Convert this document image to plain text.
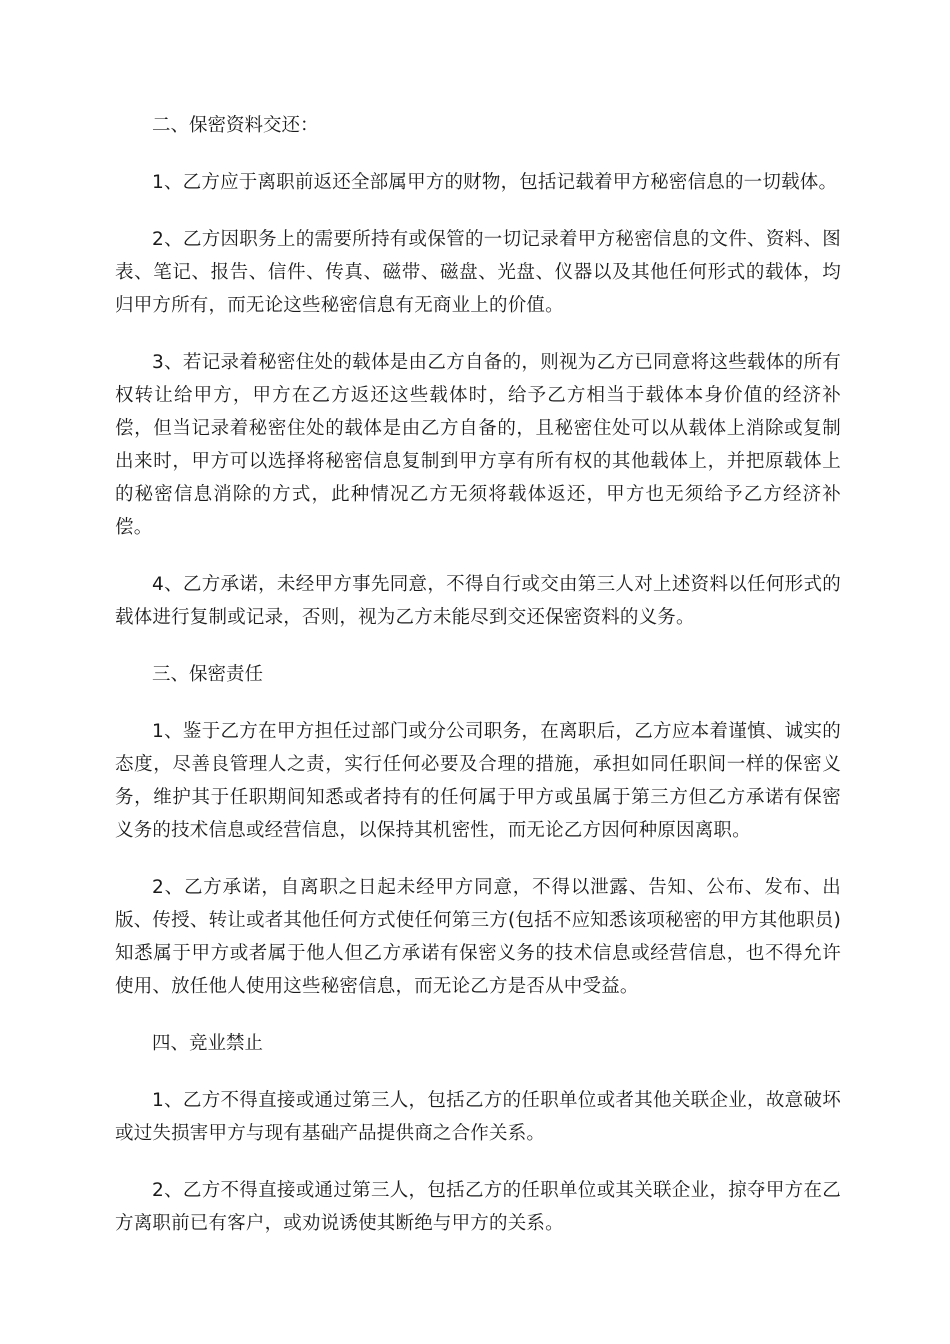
二、保密资料交还：

1、乙方应于离职前返还全部属甲方的财物，包括记载着甲方秘密信息的一切载体。

2、乙方因职务上的需要所持有或保管的一切记录着甲方秘密信息的文件、资料、图表、笔记、报告、信件、传真、磁带、磁盘、光盘、仪器以及其他任何形式的载体，均归甲方所有，而无论这些秘密信息有无商业上的价值。

3、若记录着秘密住处的载体是由乙方自备的，则视为乙方已同意将这些载体的所有权转让给甲方，甲方在乙方返还这些载体时，给予乙方相当于载体本身价值的经济补偿，但当记录着秘密住处的载体是由乙方自备的，且秘密住处可以从载体上消除或复制出来时，甲方可以选择将秘密信息复制到甲方享有所有权的其他载体上，并把原载体上的秘密信息消除的方式，此种情况乙方无须将载体返还，甲方也无须给予乙方经济补偿。

4、乙方承诺，未经甲方事先同意，不得自行或交由第三人对上述资料以任何形式的载体进行复制或记录，否则，视为乙方未能尽到交还保密资料的义务。

三、保密责任

1、鉴于乙方在甲方担任过部门或分公司职务，在离职后，乙方应本着谨慎、诚实的态度，尽善良管理人之责，实行任何必要及合理的措施，承担如同任职间一样的保密义务，维护其于任职期间知悉或者持有的任何属于甲方或虽属于第三方但乙方承诺有保密义务的技术信息或经营信息，以保持其机密性，而无论乙方因何种原因离职。

2、乙方承诺，自离职之日起未经甲方同意，不得以泄露、告知、公布、发布、出版、传授、转让或者其他任何方式使任何第三方(包括不应知悉该项秘密的甲方其他职员)知悉属于甲方或者属于他人但乙方承诺有保密义务的技术信息或经营信息，也不得允许使用、放任他人使用这些秘密信息，而无论乙方是否从中受益。

四、竞业禁止

1、乙方不得直接或通过第三人，包括乙方的任职单位或者其他关联企业，故意破坏或过失损害甲方与现有基础产品提供商之合作关系。

2、乙方不得直接或通过第三人，包括乙方的任职单位或其关联企业，掠夺甲方在乙方离职前已有客户，或劝说诱使其断绝与甲方的关系。
